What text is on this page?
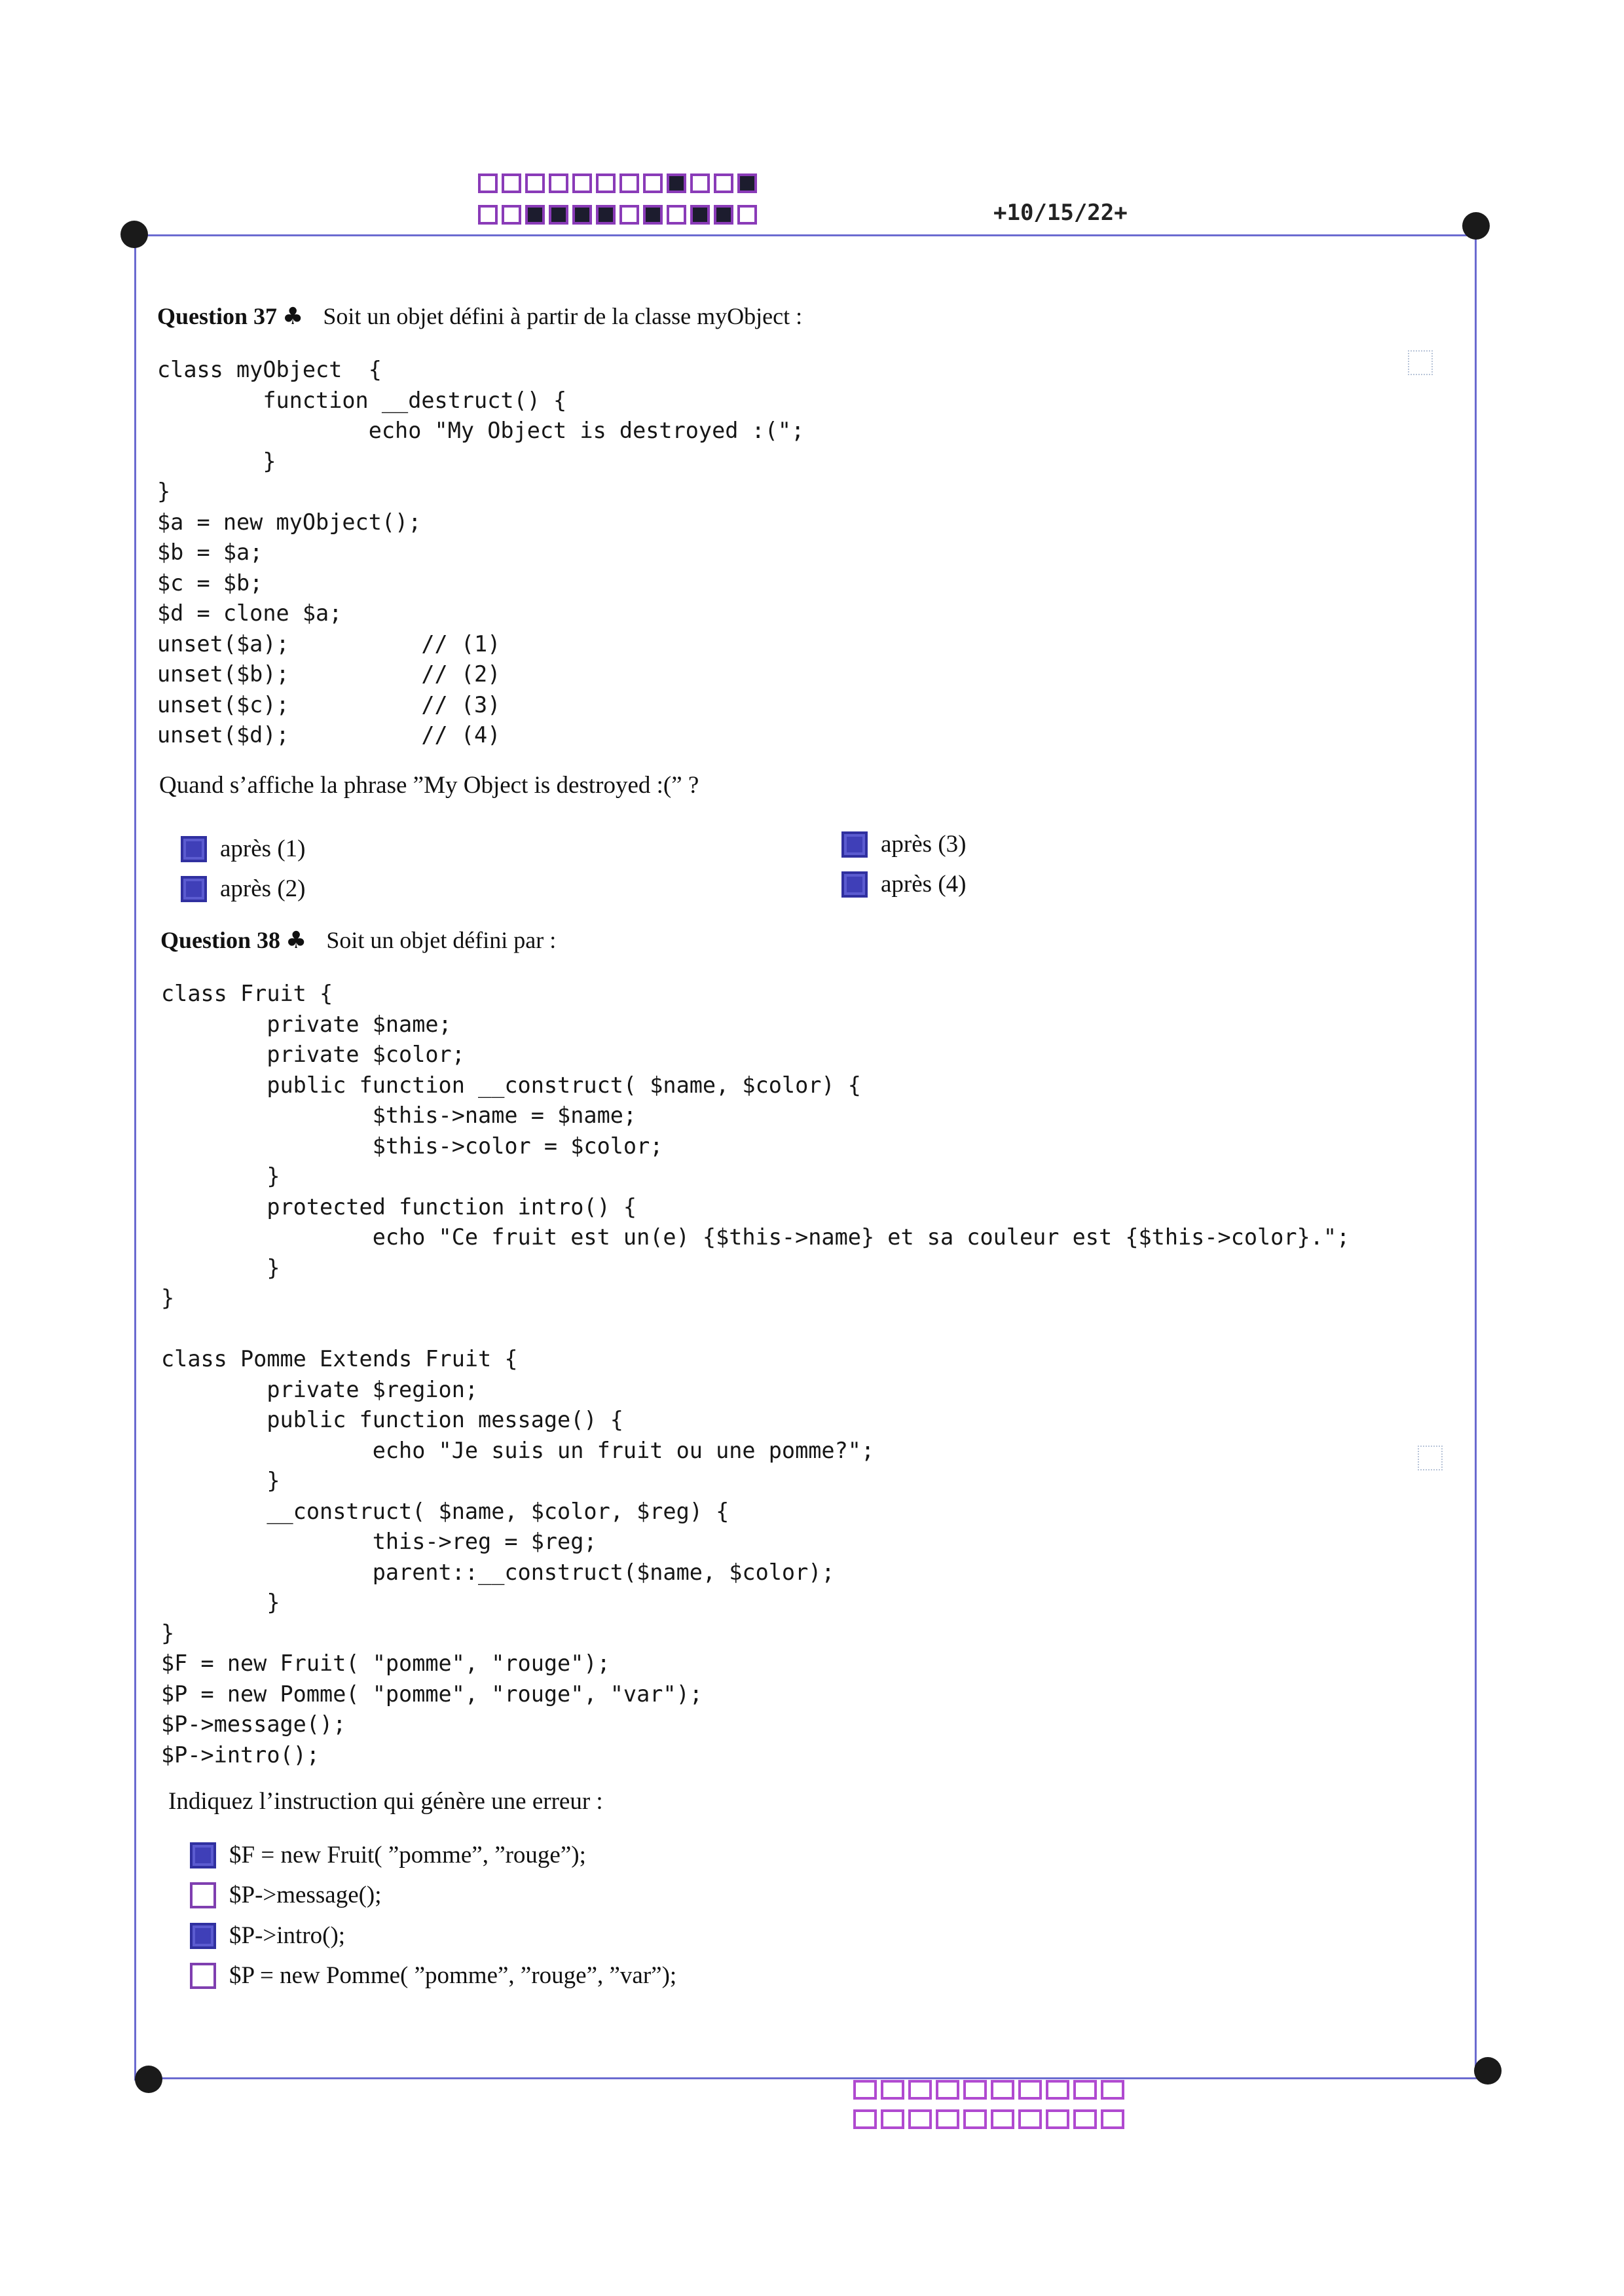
+10/15/22+
Question 37 ♣ Soit un objet défini à partir de la classe myObject :
class myObject  {
function __destruct() {
echo "My Object is destroyed :(";
}
}
$a = new myObject();
$b = $a;
$c = $b;
$d = clone $a;
unset($a);          // (1)
unset($b);          // (2)
unset($c);          // (3)
unset($d);          // (4)
Quand s’affiche la phrase ”My Object is destroyed :(” ?
après (1)
après (2)
après (3)
après (4)
Question 38 ♣ Soit un objet défini par :
class Fruit {
private $name;
private $color;
public function __construct( $name, $color) {
$this->name = $name;
$this->color = $color;
}
protected function intro() {
echo "Ce fruit est un(e) {$this->name} et sa couleur est {$this->color}.";
}
}

class Pomme Extends Fruit {
private $region;
public function message() {
echo "Je suis un fruit ou une pomme?";
}
__construct( $name, $color, $reg) {
this->reg = $reg;
parent::__construct($name, $color);
}
}
$F = new Fruit( "pomme", "rouge");
$P = new Pomme( "pomme", "rouge", "var");
$P->message();
$P->intro();
Indiquez l’instruction qui génère une erreur :
$F = new Fruit( ”pomme”, ”rouge”);
$P->message();
$P->intro();
$P = new Pomme( ”pomme”, ”rouge”, ”var”);
